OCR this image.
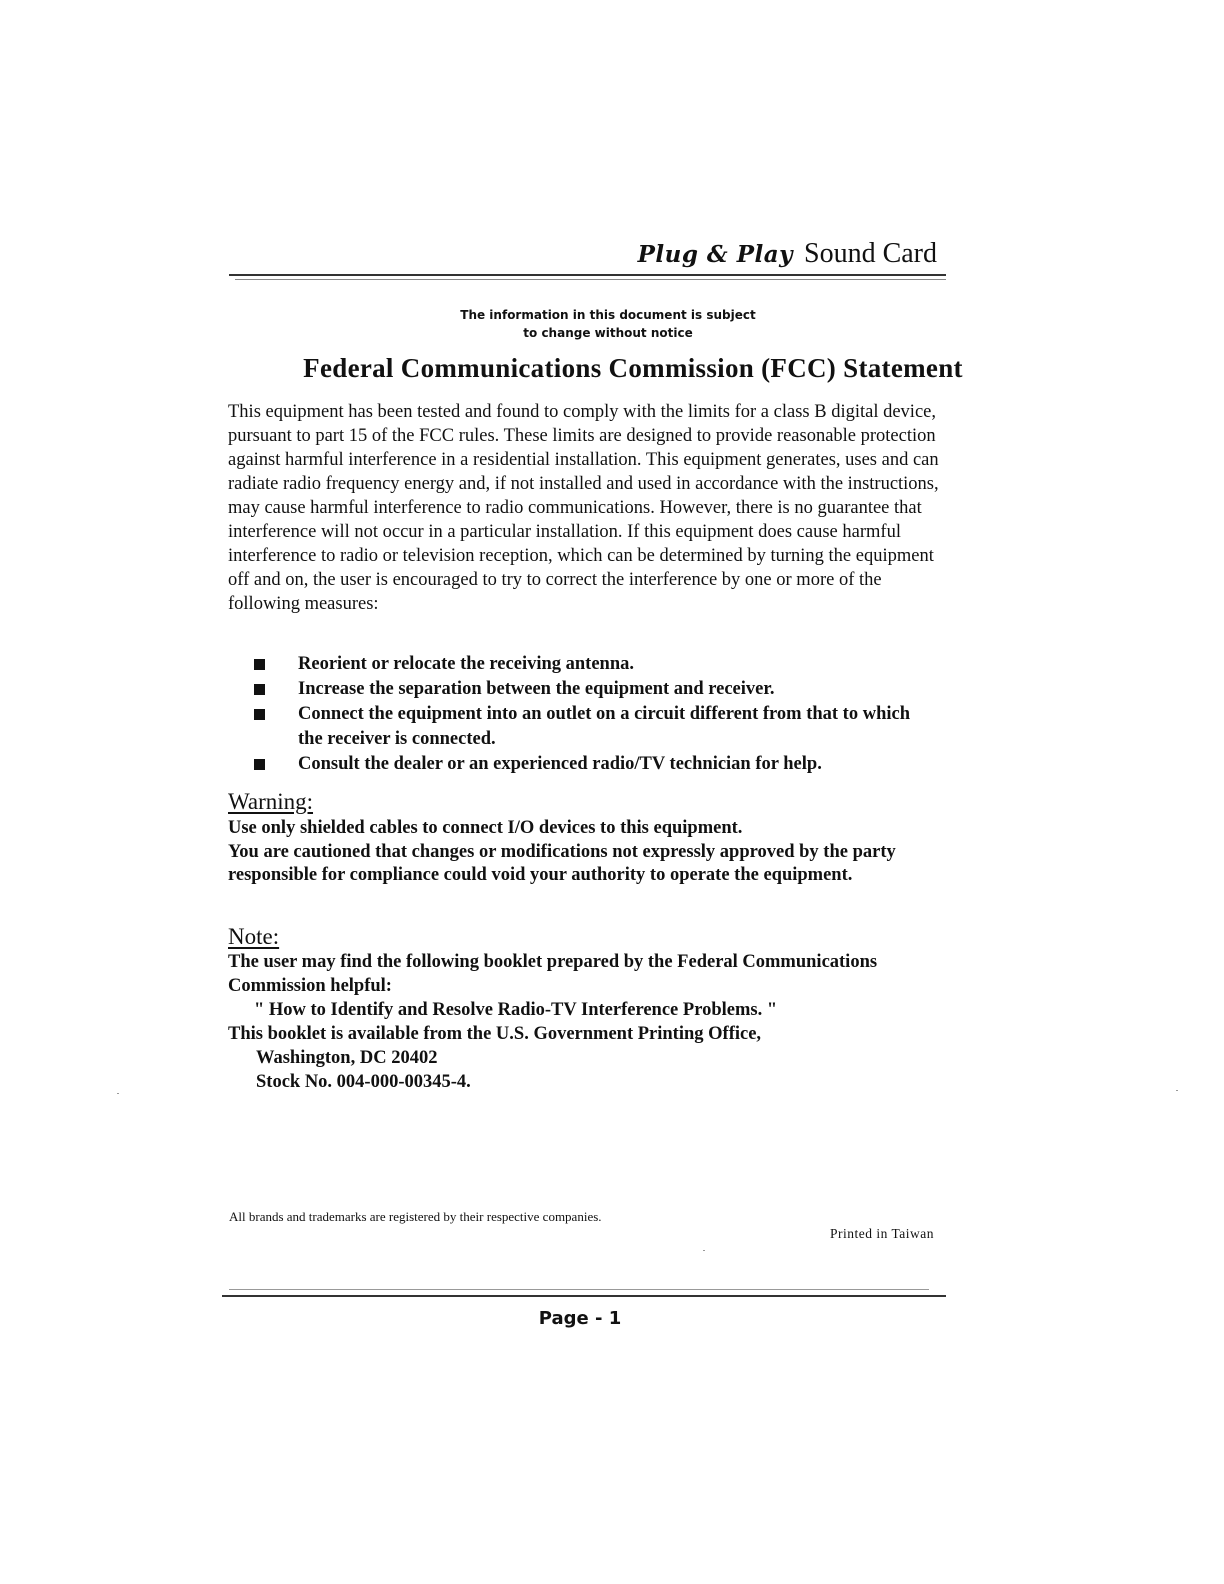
Plug & Play Sound Card
The information in this document is subject
to change without notice
Federal Communications Commission (FCC) Statement
This equipment has been tested and found to comply with the limits for a class B digital device, pursuant to part 15 of the FCC rules. These limits are designed to provide reasonable protection against harmful interference in a residential installation. This equipment generates, uses and can radiate radio frequency energy and, if not installed and used in accordance with the instructions, may cause harmful interference to radio communications. However, there is no guarantee that interference will not occur in a particular installation. If this equipment does cause harmful interference to radio or television reception, which can be determined by turning the equipment off and on, the user is encouraged to try to correct the interference by one or more of the following measures:
Reorient or relocate the receiving antenna.
Increase the separation between the equipment and receiver.
Connect the equipment into an outlet on a circuit different from that to which the receiver is connected.
Consult the dealer or an experienced radio/TV technician for help.
Warning:
Use only shielded cables to connect I/O devices to this equipment.
You are cautioned that changes or modifications not expressly approved by the party responsible for compliance could void your authority to operate the equipment.
Note:
The user may find the following booklet prepared by the Federal Communications Commission helpful:
" How to Identify and Resolve Radio-TV Interference Problems. "
This booklet is available from the U.S. Government Printing Office,
Washington, DC 20402
Stock No. 004-000-00345-4.
All brands and trademarks are registered by their respective companies.
Printed in Taiwan
Page - 1
